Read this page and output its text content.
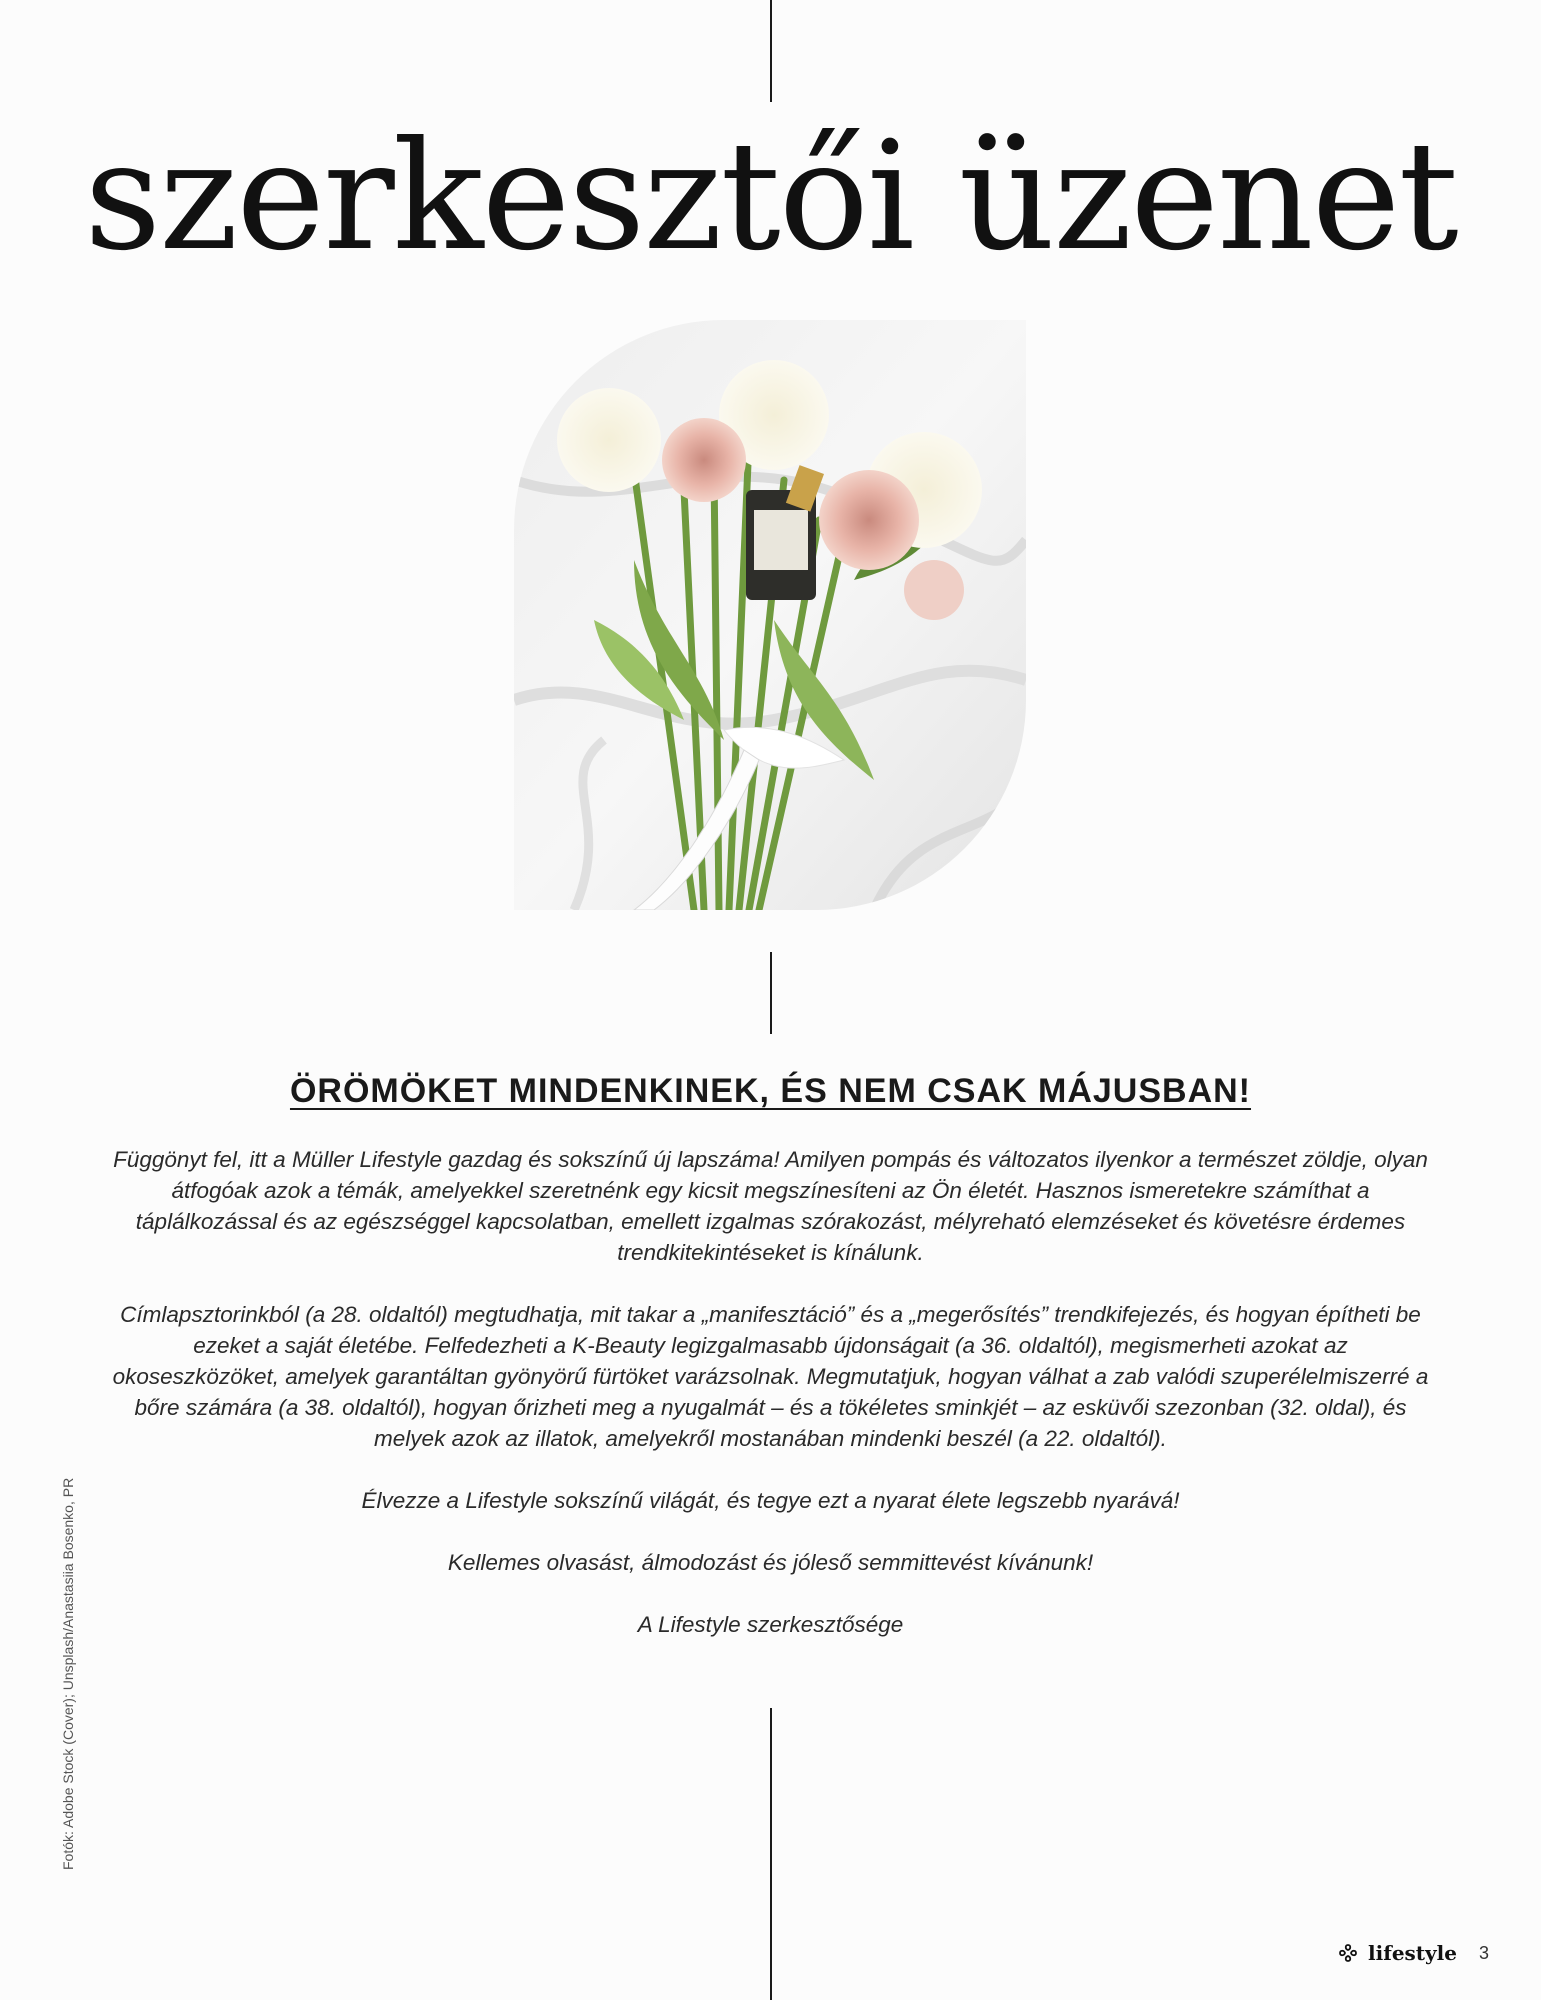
szerkesztői üzenet
ÖRÖMÖKET MINDENKINEK, ÉS NEM CSAK MÁJUSBAN!

Függönyt fel, itt a Müller Lifestyle gazdag és sokszínű új lapszáma! Amilyen pompás és változatos ilyenkor a természet zöldje, olyan átfogóak azok a témák, amelyekkel szeretnénk egy kicsit megszínesíteni az Ön életét. Hasznos ismeretekre számíthat a táplálkozással és az egészséggel kapcsolatban, emellett izgalmas szórakozást, mélyreható elemzéseket és követésre érdemes trendkitekintéseket is kínálunk.

Címlapsztorinkból (a 28. oldaltól) megtudhatja, mit takar a „manifesztáció” és a „megerősítés” trendkifejezés, és hogyan építheti be ezeket a saját életébe. Felfedezheti a K-Beauty legizgalmasabb újdonságait (a 36. oldaltól), megismerheti azokat az okoseszközöket, amelyek garantáltan gyönyörű fürtöket varázsolnak. Megmutatjuk, hogyan válhat a zab valódi szuperélelmiszerré a bőre számára (a 38. oldaltól), hogyan őrizheti meg a nyugalmát – és a tökéletes sminkjét – az esküvői szezonban (32. oldal), és melyek azok az illatok, amelyekről mostanában mindenki beszél (a 22. oldaltól).

Élvezze a Lifestyle sokszínű világát, és tegye ezt a nyarat élete legszebb nyarává!

Kellemes olvasást, álmodozást és jóleső semmittevést kívánunk!

A Lifestyle szerkesztősége

Fotók: Adobe Stock (Cover); Unsplash/Anastasiia Bosenko, PR
lifestyle 3
